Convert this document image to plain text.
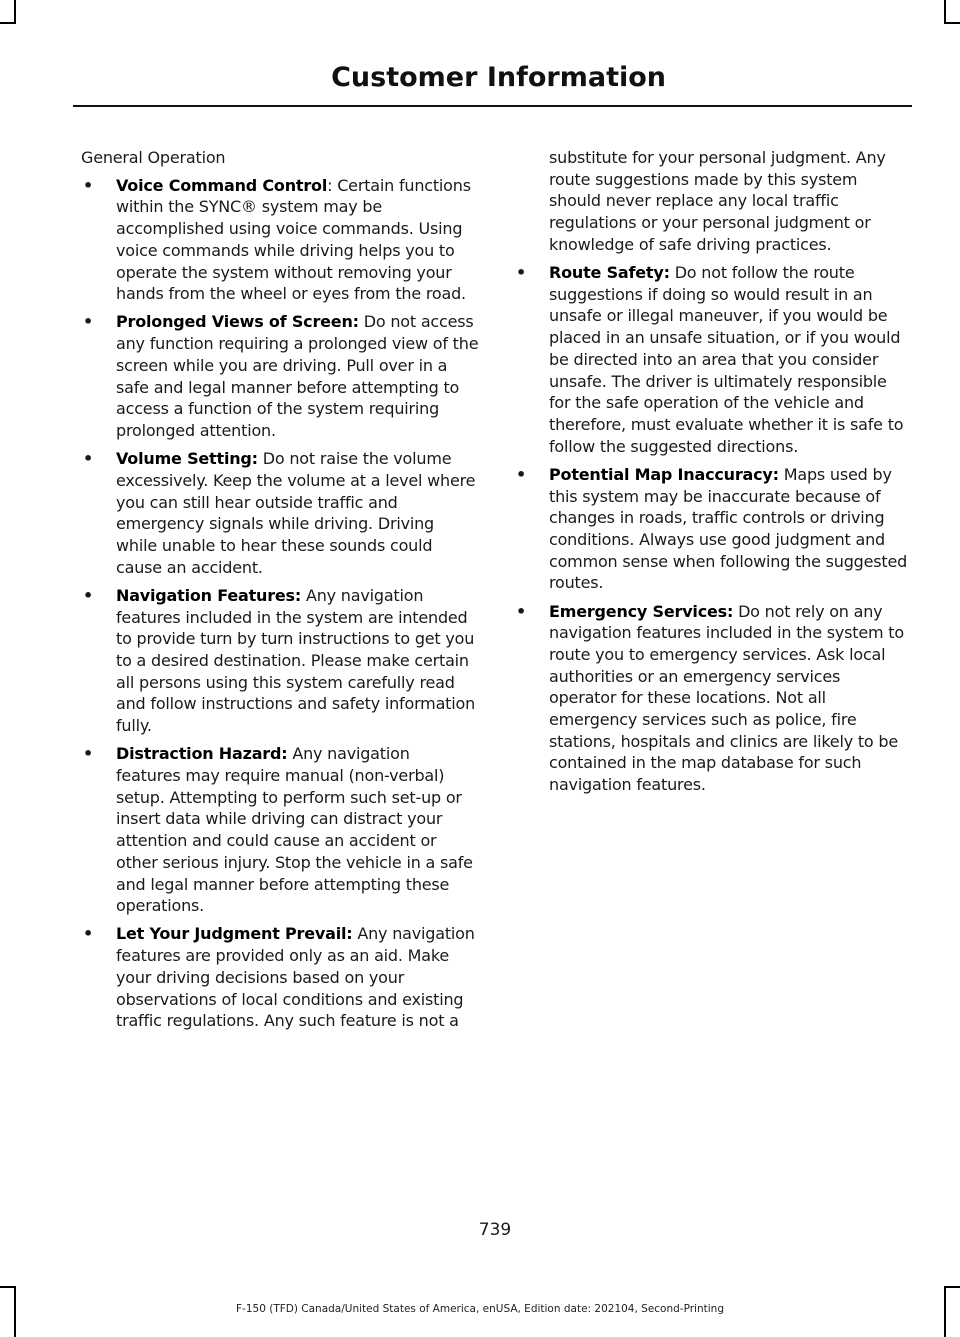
Customer Information

General Operation

• Voice Command Control: Certain functions within the SYNC® system may be accomplished using voice commands. Using voice commands while driving helps you to operate the system without removing your hands from the wheel or eyes from the road.
• Prolonged Views of Screen: Do not access any function requiring a prolonged view of the screen while you are driving. Pull over in a safe and legal manner before attempting to access a function of the system requiring prolonged attention.
• Volume Setting: Do not raise the volume excessively. Keep the volume at a level where you can still hear outside traffic and emergency signals while driving. Driving while unable to hear these sounds could cause an accident.
• Navigation Features: Any navigation features included in the system are intended to provide turn by turn instructions to get you to a desired destination. Please make certain all persons using this system carefully read and follow instructions and safety information fully.
• Distraction Hazard: Any navigation features may require manual (non-verbal) setup. Attempting to perform such set-up or insert data while driving can distract your attention and could cause an accident or other serious injury. Stop the vehicle in a safe and legal manner before attempting these operations.
• Let Your Judgment Prevail: Any navigation features are provided only as an aid. Make your driving decisions based on your observations of local conditions and existing traffic regulations. Any such feature is not a

substitute for your personal judgment. Any route suggestions made by this system should never replace any local traffic regulations or your personal judgment or knowledge of safe driving practices.

• Route Safety: Do not follow the route suggestions if doing so would result in an unsafe or illegal maneuver, if you would be placed in an unsafe situation, or if you would be directed into an area that you consider unsafe. The driver is ultimately responsible for the safe operation of the vehicle and therefore, must evaluate whether it is safe to follow the suggested directions.
• Potential Map Inaccuracy: Maps used by this system may be inaccurate because of changes in roads, traffic controls or driving conditions. Always use good judgment and common sense when following the suggested routes.
• Emergency Services: Do not rely on any navigation features included in the system to route you to emergency services. Ask local authorities or an emergency services operator for these locations. Not all emergency services such as police, fire stations, hospitals and clinics are likely to be contained in the map database for such navigation features.
739
F-150 (TFD) Canada/United States of America, enUSA, Edition date: 202104, Second-Printing
